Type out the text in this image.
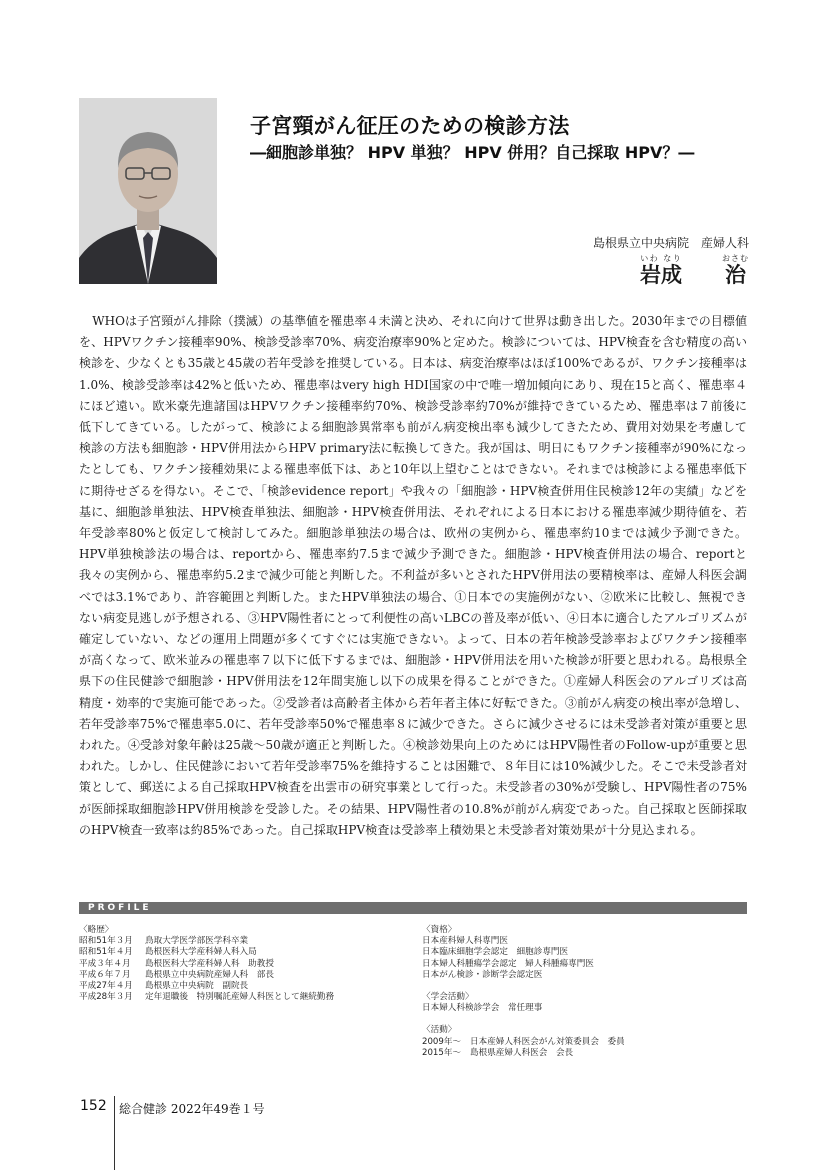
子宮頸がん征圧のための検診方法
―細胞診単独？ HPV 単独？ HPV 併用？自己採取 HPV？―
島根県立中央病院　産婦人科
岩成いわ なり治おさむ

WHOは子宮頸がん排除（撲滅）の基準値を罹患率４未満と決め、それに向けて世界は動き出した。2030年までの目標値を、HPVワクチン接種率90%、検診受診率70%、病変治療率90%と定めた。検診については、HPV検査を含む精度の高い検診を、少なくとも35歳と45歳の若年受診を推奨している。日本は、病変治療率はほぼ100%であるが、ワクチン接種率は1.0%、検診受診率は42%と低いため、罹患率はvery high HDI国家の中で唯一増加傾向にあり、現在15と高く、罹患率４にほど遠い。欧米豪先進諸国はHPVワクチン接種率約70%、検診受診率約70%が維持できているため、罹患率は７前後に低下してきている。したがって、検診による細胞診異常率も前がん病変検出率も減少してきたため、費用対効果を考慮して検診の方法も細胞診・HPV併用法からHPV primary法に転換してきた。我が国は、明日にもワクチン接種率が90%になったとしても、ワクチン接種効果による罹患率低下は、あと10年以上望むことはできない。それまでは検診による罹患率低下に期待せざるを得ない。そこで、「検診evidence report」や我々の「細胞診・HPV検査併用住民検診12年の実績」などを基に、細胞診単独法、HPV検査単独法、細胞診・HPV検査併用法、それぞれによる日本における罹患率減少期待値を、若年受診率80%と仮定して検討してみた。細胞診単独法の場合は、欧州の実例から、罹患率約10までは減少予測できた。HPV単独検診法の場合は、reportから、罹患率約7.5まで減少予測できた。細胞診・HPV検査併用法の場合、reportと我々の実例から、罹患率約5.2まで減少可能と判断した。不利益が多いとされたHPV併用法の要精検率は、産婦人科医会調べでは3.1%であり、許容範囲と判断した。またHPV単独法の場合、①日本での実施例がない、②欧米に比較し、無視できない病変見逃しが予想される、③HPV陽性者にとって利便性の高いLBCの普及率が低い、④日本に適合したアルゴリズムが確定していない、などの運用上問題が多くてすぐには実施できない。よって、日本の若年検診受診率およびワクチン接種率が高くなって、欧米並みの罹患率７以下に低下するまでは、細胞診・HPV併用法を用いた検診が肝要と思われる。島根県全県下の住民健診で細胞診・HPV併用法を12年間実施し以下の成果を得ることができた。①産婦人科医会のアルゴリズは高精度・効率的で実施可能であった。②受診者は高齢者主体から若年者主体に好転できた。③前がん病変の検出率が急増し、若年受診率75%で罹患率5.0に、若年受診率50%で罹患率８に減少できた。さらに減少させるには未受診者対策が重要と思われた。④受診対象年齢は25歳～50歳が適正と判断した。④検診効果向上のためにはHPV陽性者のFollow-upが重要と思われた。しかし、住民健診において若年受診率75%を維持することは困難で、８年目には10%減少した。そこで未受診者対策として、郵送による自己採取HPV検査を出雲市の研究事業として行った。未受診者の30%が受験し、HPV陽性者の75%が医師採取細胞診HPV併用検診を受診した。その結果、HPV陽性者の10.8%が前がん病変であった。自己採取と医師採取のHPV検査一致率は約85%であった。自己採取HPV検査は受診率上積効果と未受診者対策効果が十分見込まれる。

PROFILE
〈略歴〉
昭和51年３月 鳥取大学医学部医学科卒業
昭和51年４月 島根医科大学産科婦人科入局
平成３年４月 島根医科大学産科婦人科　助教授
平成６年７月 島根県立中央病院産婦人科　部長
平成27年４月 島根県立中央病院　副院長
平成28年３月 定年退職後　特別嘱託産婦人科医として継続勤務
〈資格〉
日本産科婦人科専門医
日本臨床細胞学会認定　細胞診専門医
日本婦人科腫瘍学会認定　婦人科腫瘍専門医
日本がん検診・診断学会認定医
〈学会活動〉
日本婦人科検診学会　常任理事
〈活動〉
2009年～ 日本産婦人科医会がん対策委員会　委員
2015年～ 島根県産婦人科医会　会長
152 総合健診 2022年49巻１号
